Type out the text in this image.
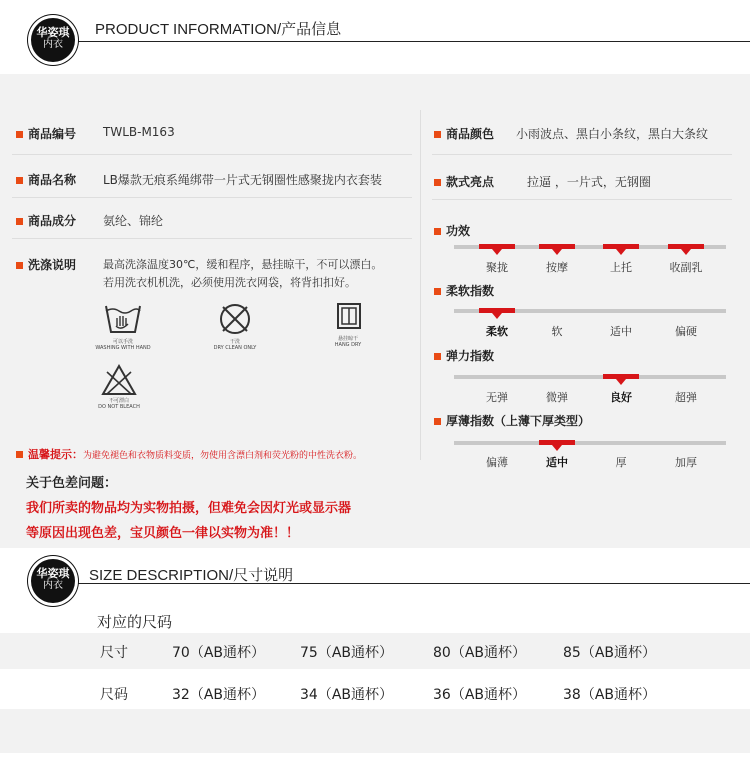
华姿琪
内衣
PRODUCT INFORMATION/产品信息
商品编号 TWLB-M163
商品名称 LB爆款无痕系绳绑带一片式无钢圈性感聚拢内衣套装
商品成分 氨纶、锦纶
洗涤说明 最高洗涤温度30℃，缓和程序，悬挂晾干，不可以漂白。
若用洗衣机机洗，必须使用洗衣网袋，将背扣扣好。
可以手洗
WASHING WITH HAND
干洗
DRY CLEAN ONLY
悬挂晾干
HANG DRY
不可漂白
DO NOT BLEACH
温馨提示：为避免褪色和衣物质料变质，勿使用含漂白剂和荧光粉的中性洗衣粉。
关于色差问题：
我们所卖的物品均为实物拍摄，但难免会因灯光或显示器
等原因出现色差，宝贝颜色一律以实物为准！！
商品颜色 小雨波点、黑白小条纹，黑白大条纹
款式亮点	拉逼 ，一片式，无钢圈
功效
聚拢	按摩	上托	收副乳
柔软指数
柔软	软	适中	偏硬
弹力指数
无弹	微弹	良好	超弹
厚薄指数（上薄下厚类型）
偏薄	适中	厚	加厚
华姿琪
内衣
SIZE DESCRIPTION/尺寸说明
对应的尺码
尺寸	70（AB通杯）	75（AB通杯）	80（AB通杯）	85（AB通杯）
尺码	32（AB通杯）	34（AB通杯）	36（AB通杯）	38（AB通杯）
